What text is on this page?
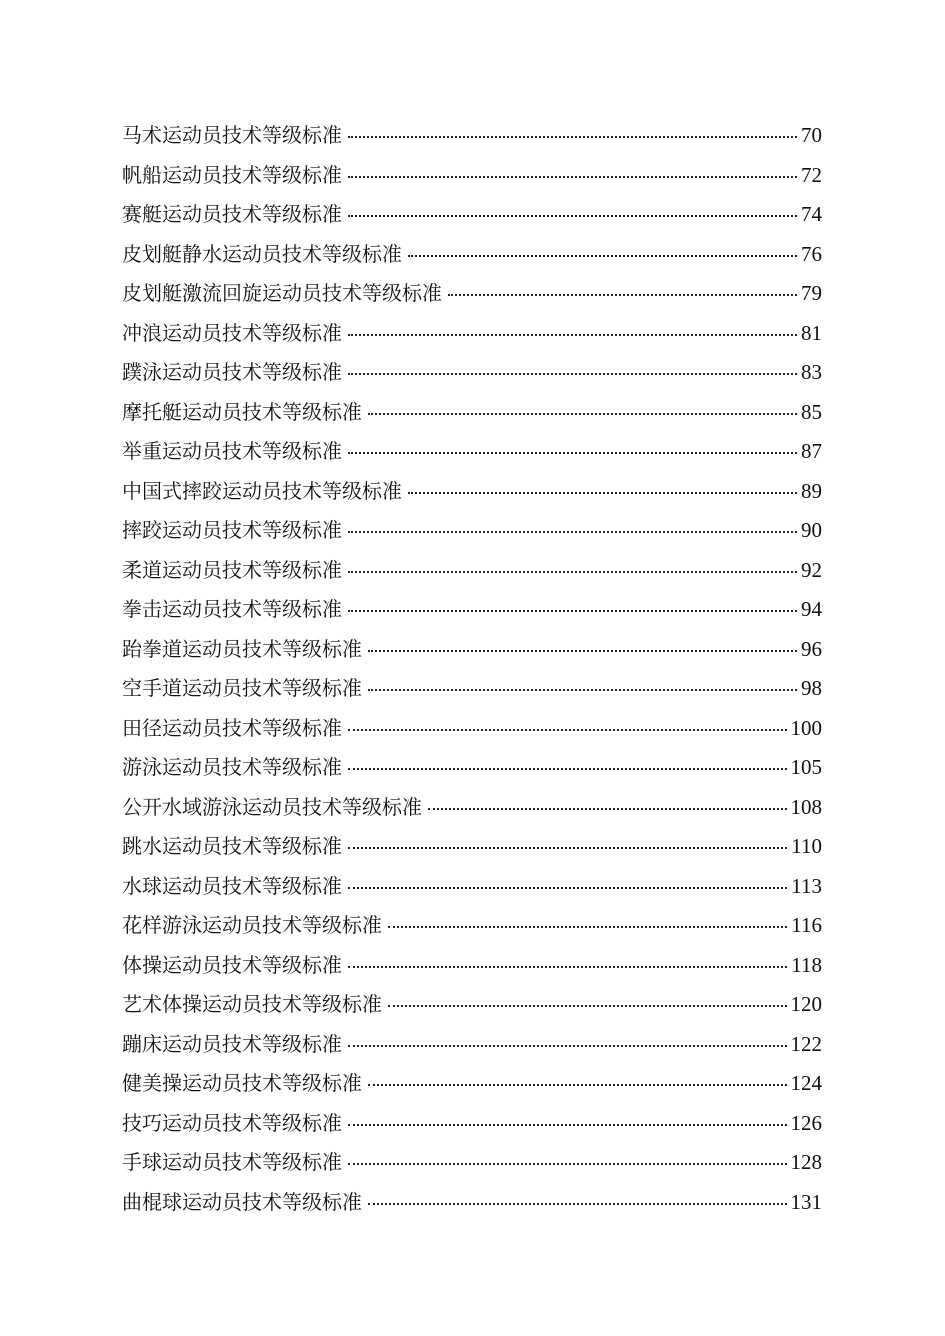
马术运动员技术等级标准	70
帆船运动员技术等级标准	72
赛艇运动员技术等级标准	74
皮划艇静水运动员技术等级标准	76
皮划艇激流回旋运动员技术等级标准	79
冲浪运动员技术等级标准	81
蹼泳运动员技术等级标准	83
摩托艇运动员技术等级标准	85
举重运动员技术等级标准	87
中国式摔跤运动员技术等级标准	89
摔跤运动员技术等级标准	90
柔道运动员技术等级标准	92
拳击运动员技术等级标准	94
跆拳道运动员技术等级标准	96
空手道运动员技术等级标准	98
田径运动员技术等级标准	100
游泳运动员技术等级标准	105
公开水域游泳运动员技术等级标准	108
跳水运动员技术等级标准	110
水球运动员技术等级标准	113
花样游泳运动员技术等级标准	116
体操运动员技术等级标准	118
艺术体操运动员技术等级标准	120
蹦床运动员技术等级标准	122
健美操运动员技术等级标准	124
技巧运动员技术等级标准	126
手球运动员技术等级标准	128
曲棍球运动员技术等级标准	131
